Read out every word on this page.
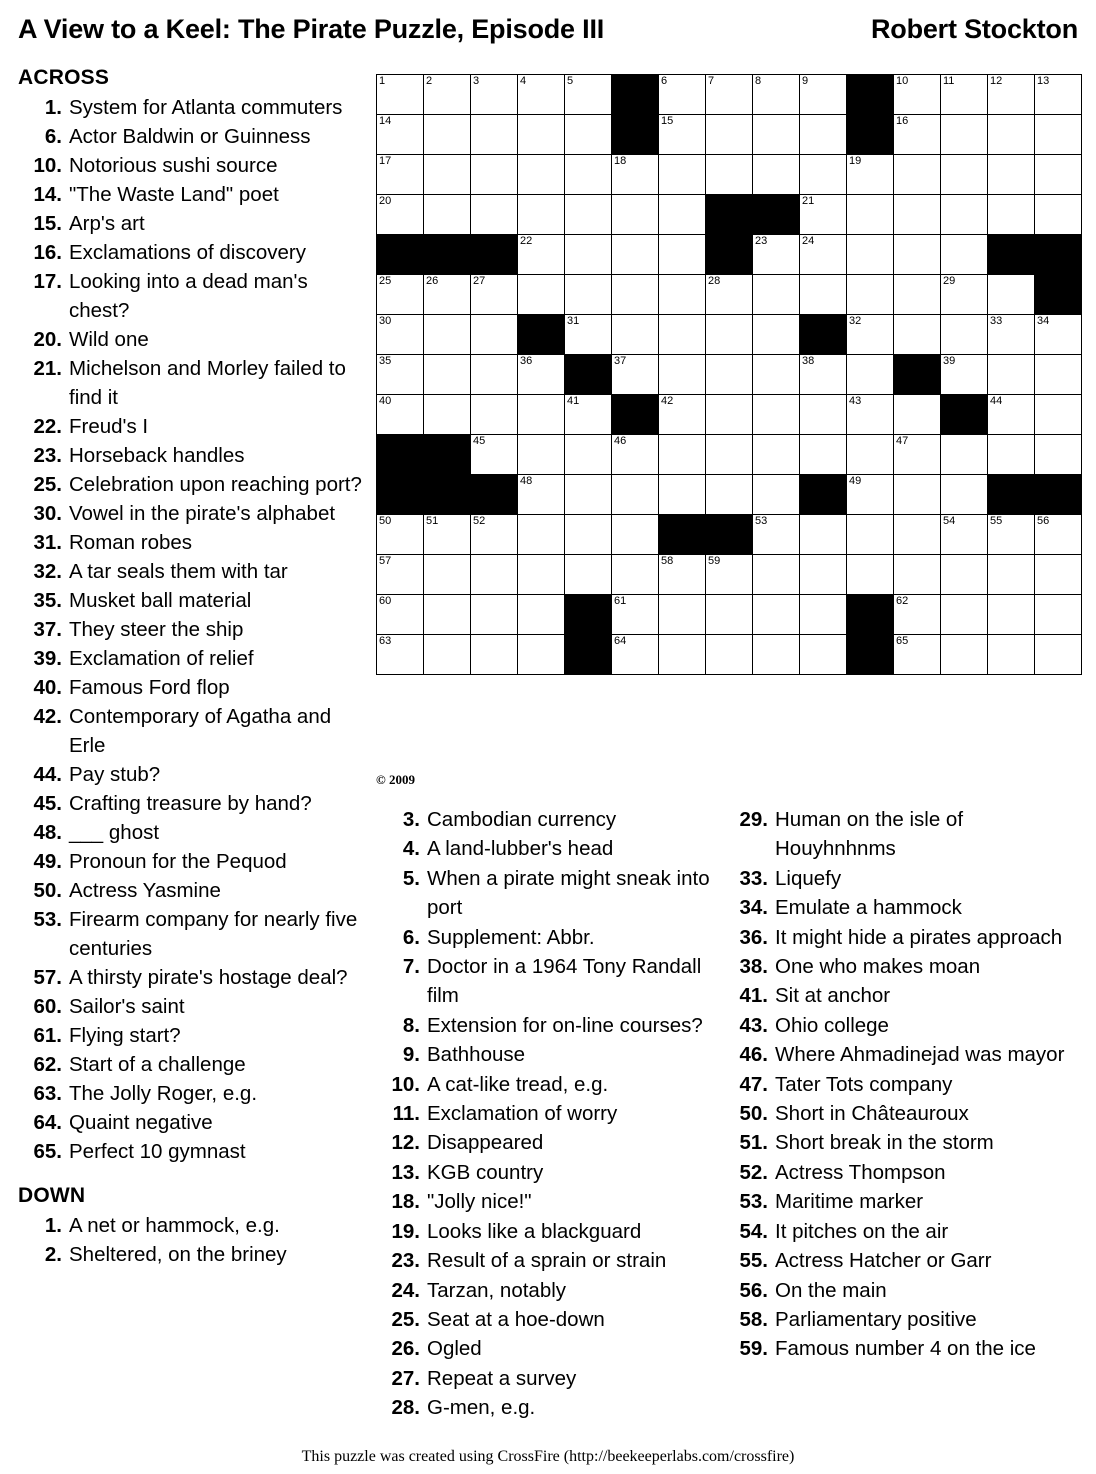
A View to a Keel: The Pirate Puzzle, Episode III	Robert Stockton
ACROSS
1. System for Atlanta commuters
6. Actor Baldwin or Guinness
10. Notorious sushi source
14. "The Waste Land" poet
15. Arp's art
16. Exclamations of discovery
17. Looking into a dead man's chest?
20. Wild one
21. Michelson and Morley failed to find it
22. Freud's I
23. Horseback handles
25. Celebration upon reaching port?
30. Vowel in the pirate's alphabet
31. Roman robes
32. A tar seals them with tar
35. Musket ball material
37. They steer the ship
39. Exclamation of relief
40. Famous Ford flop
42. Contemporary of Agatha and Erle
44. Pay stub?
45. Crafting treasure by hand?
48. ___ ghost
49. Pronoun for the Pequod
50. Actress Yasmine
53. Firearm company for nearly five centuries
57. A thirsty pirate's hostage deal?
60. Sailor's saint
61. Flying start?
62. Start of a challenge
63. The Jolly Roger, e.g.
64. Quaint negative
65. Perfect 10 gymnast
DOWN
1. A net or hammock, e.g.
2. Sheltered, on the briney
1	2	3	4	5		6	7	8	9		10	11	12	13

14						15					16			

17					18					19				

20									21					

			22					23	24					

25	26	27					28					29		

30				31						32			33	34

35			36		37				38			39		

40				41		42				43			44	

		45			46						47			

			48							49				

50	51	52						53				54	55	56

57						58	59							

60					61						62			

63					64						65			

© 2009
3. Cambodian currency
4. A land-lubber's head
5. When a pirate might sneak into port
6. Supplement: Abbr.
7. Doctor in a 1964 Tony Randall film
8. Extension for on-line courses?
9. Bathhouse
10. A cat-like tread, e.g.
11. Exclamation of worry
12. Disappeared
13. KGB country
18. "Jolly nice!"
19. Looks like a blackguard
23. Result of a sprain or strain
24. Tarzan, notably
25. Seat at a hoe-down
26. Ogled
27. Repeat a survey
28. G-men, e.g.
29. Human on the isle of Houyhnhnms
33. Liquefy
34. Emulate a hammock
36. It might hide a pirates approach
38. One who makes moan
41. Sit at anchor
43. Ohio college
46. Where Ahmadinejad was mayor
47. Tater Tots company
50. Short in Châteauroux
51. Short break in the storm
52. Actress Thompson
53. Maritime marker
54. It pitches on the air
55. Actress Hatcher or Garr
56. On the main
58. Parliamentary positive
59. Famous number 4 on the ice
This puzzle was created using CrossFire (http://beekeeperlabs.com/crossfire)
